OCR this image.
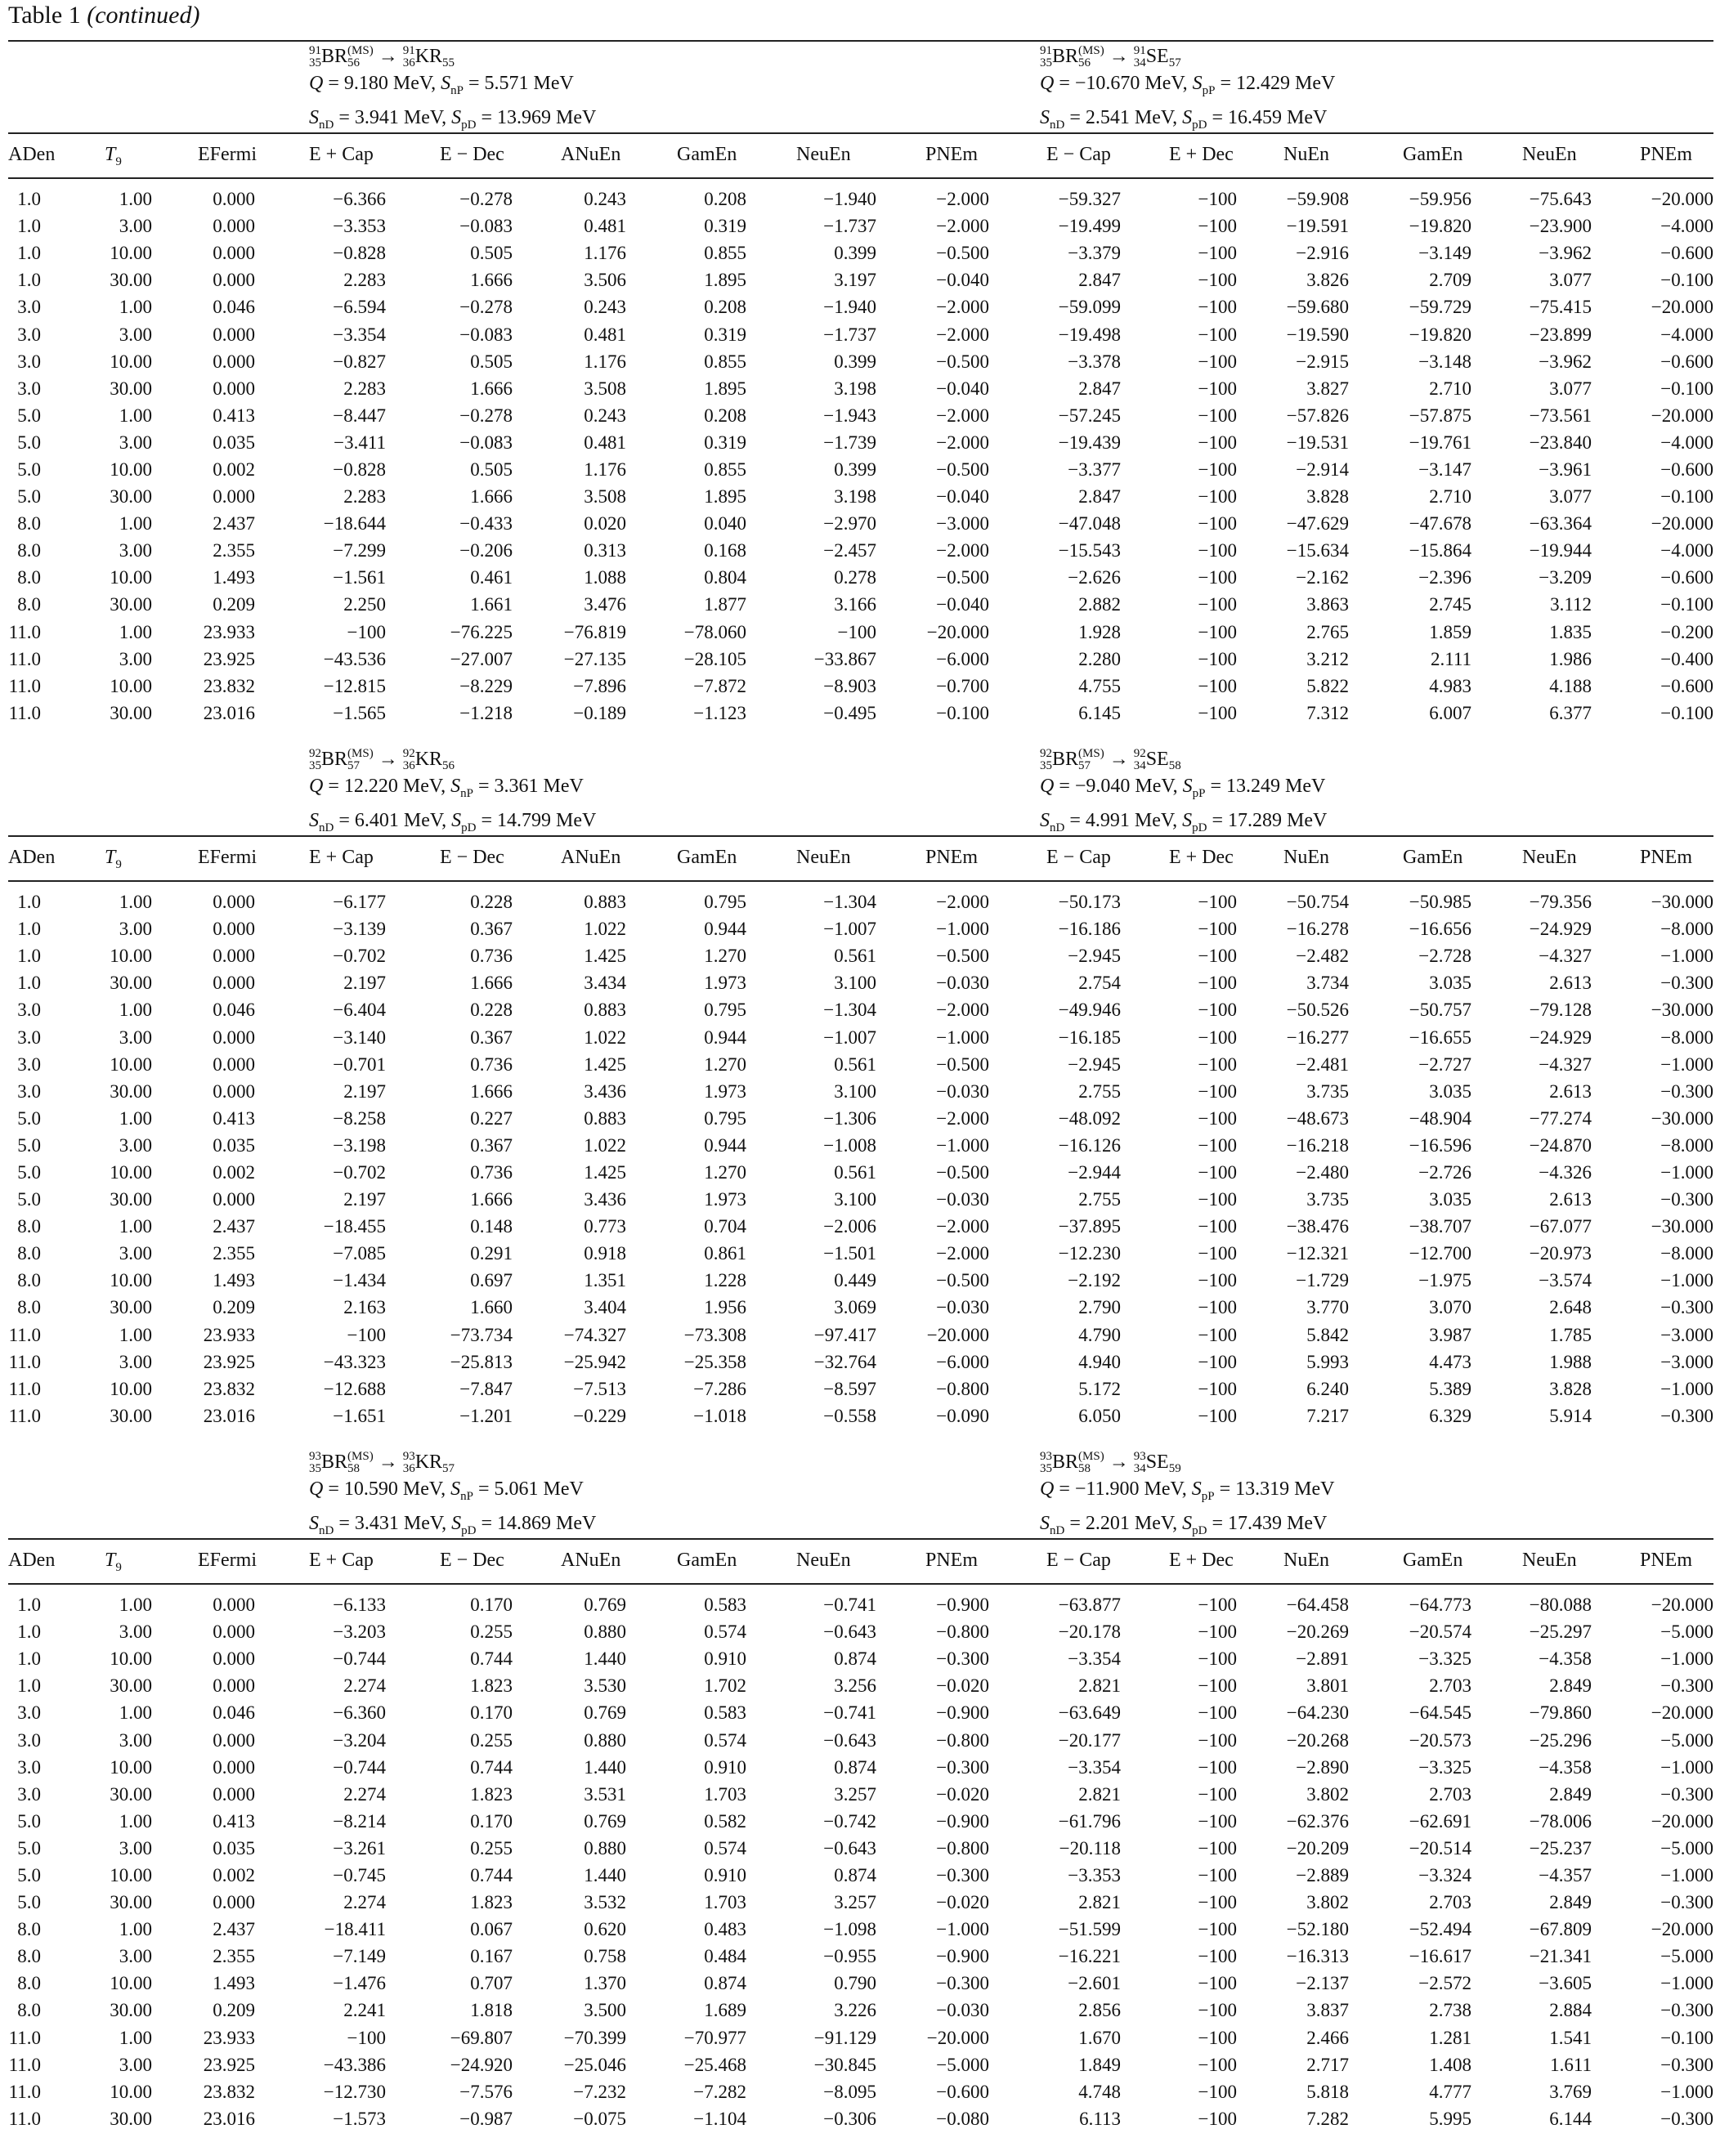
Table 1 (continued)
91
35 BR (MS)
56 → 91
36 KR 55
Q = 9.180 MeV, $S_{nP} = 5.571$ MeV
$S_{nD} = 3.941$ MeV, $S_{pD} = 13.969$ MeV
91
35 BR (MS)
56 → 91
34 SE 57
Q = −10.670 MeV, $S_{pP} = 12.429$ MeV
$S_{nD} = 2.541$ MeV, $S_{pD} = 16.459$ MeV
ADen	$T_9$	EFermi	E + Cap	E − Dec	ANuEn	GamEn	NeuEn	PNEm	E − Cap	E + Dec	NuEn	GamEn	NeuEn	PNEm
1.0	1.00	0.000	−6.366	−0.278	0.243	0.208	−1.940	−2.000	−59.327	−100	−59.908	−59.956	−75.643	−20.000
1.0	3.00	0.000	−3.353	−0.083	0.481	0.319	−1.737	−2.000	−19.499	−100	−19.591	−19.820	−23.900	−4.000
1.0	10.00	0.000	−0.828	0.505	1.176	0.855	0.399	−0.500	−3.379	−100	−2.916	−3.149	−3.962	−0.600
1.0	30.00	0.000	2.283	1.666	3.506	1.895	3.197	−0.040	2.847	−100	3.826	2.709	3.077	−0.100
3.0	1.00	0.046	−6.594	−0.278	0.243	0.208	−1.940	−2.000	−59.099	−100	−59.680	−59.729	−75.415	−20.000
3.0	3.00	0.000	−3.354	−0.083	0.481	0.319	−1.737	−2.000	−19.498	−100	−19.590	−19.820	−23.899	−4.000
3.0	10.00	0.000	−0.827	0.505	1.176	0.855	0.399	−0.500	−3.378	−100	−2.915	−3.148	−3.962	−0.600
3.0	30.00	0.000	2.283	1.666	3.508	1.895	3.198	−0.040	2.847	−100	3.827	2.710	3.077	−0.100
5.0	1.00	0.413	−8.447	−0.278	0.243	0.208	−1.943	−2.000	−57.245	−100	−57.826	−57.875	−73.561	−20.000
5.0	3.00	0.035	−3.411	−0.083	0.481	0.319	−1.739	−2.000	−19.439	−100	−19.531	−19.761	−23.840	−4.000
5.0	10.00	0.002	−0.828	0.505	1.176	0.855	0.399	−0.500	−3.377	−100	−2.914	−3.147	−3.961	−0.600
5.0	30.00	0.000	2.283	1.666	3.508	1.895	3.198	−0.040	2.847	−100	3.828	2.710	3.077	−0.100
8.0	1.00	2.437	−18.644	−0.433	0.020	0.040	−2.970	−3.000	−47.048	−100	−47.629	−47.678	−63.364	−20.000
8.0	3.00	2.355	−7.299	−0.206	0.313	0.168	−2.457	−2.000	−15.543	−100	−15.634	−15.864	−19.944	−4.000
8.0	10.00	1.493	−1.561	0.461	1.088	0.804	0.278	−0.500	−2.626	−100	−2.162	−2.396	−3.209	−0.600
8.0	30.00	0.209	2.250	1.661	3.476	1.877	3.166	−0.040	2.882	−100	3.863	2.745	3.112	−0.100
11.0	1.00	23.933	−100	−76.225	−76.819	−78.060	−100	−20.000	1.928	−100	2.765	1.859	1.835	−0.200
11.0	3.00	23.925	−43.536	−27.007	−27.135	−28.105	−33.867	−6.000	2.280	−100	3.212	2.111	1.986	−0.400
11.0	10.00	23.832	−12.815	−8.229	−7.896	−7.872	−8.903	−0.700	4.755	−100	5.822	4.983	4.188	−0.600
11.0	30.00	23.016	−1.565	−1.218	−0.189	−1.123	−0.495	−0.100	6.145	−100	7.312	6.007	6.377	−0.100
92
35 BR (MS)
57 → 92
36 KR 56
Q = 12.220 MeV, $S_{nP} = 3.361$ MeV
$S_{nD} = 6.401$ MeV, $S_{pD} = 14.799$ MeV
92
35 BR (MS)
57 → 92
34 SE 58
Q = −9.040 MeV, $S_{pP} = 13.249$ MeV
$S_{nD} = 4.991$ MeV, $S_{pD} = 17.289$ MeV
ADen	$T_9$	EFermi	E + Cap	E − Dec	ANuEn	GamEn	NeuEn	PNEm	E − Cap	E + Dec	NuEn	GamEn	NeuEn	PNEm
1.0	1.00	0.000	−6.177	0.228	0.883	0.795	−1.304	−2.000	−50.173	−100	−50.754	−50.985	−79.356	−30.000
1.0	3.00	0.000	−3.139	0.367	1.022	0.944	−1.007	−1.000	−16.186	−100	−16.278	−16.656	−24.929	−8.000
1.0	10.00	0.000	−0.702	0.736	1.425	1.270	0.561	−0.500	−2.945	−100	−2.482	−2.728	−4.327	−1.000
1.0	30.00	0.000	2.197	1.666	3.434	1.973	3.100	−0.030	2.754	−100	3.734	3.035	2.613	−0.300
3.0	1.00	0.046	−6.404	0.228	0.883	0.795	−1.304	−2.000	−49.946	−100	−50.526	−50.757	−79.128	−30.000
3.0	3.00	0.000	−3.140	0.367	1.022	0.944	−1.007	−1.000	−16.185	−100	−16.277	−16.655	−24.929	−8.000
3.0	10.00	0.000	−0.701	0.736	1.425	1.270	0.561	−0.500	−2.945	−100	−2.481	−2.727	−4.327	−1.000
3.0	30.00	0.000	2.197	1.666	3.436	1.973	3.100	−0.030	2.755	−100	3.735	3.035	2.613	−0.300
5.0	1.00	0.413	−8.258	0.227	0.883	0.795	−1.306	−2.000	−48.092	−100	−48.673	−48.904	−77.274	−30.000
5.0	3.00	0.035	−3.198	0.367	1.022	0.944	−1.008	−1.000	−16.126	−100	−16.218	−16.596	−24.870	−8.000
5.0	10.00	0.002	−0.702	0.736	1.425	1.270	0.561	−0.500	−2.944	−100	−2.480	−2.726	−4.326	−1.000
5.0	30.00	0.000	2.197	1.666	3.436	1.973	3.100	−0.030	2.755	−100	3.735	3.035	2.613	−0.300
8.0	1.00	2.437	−18.455	0.148	0.773	0.704	−2.006	−2.000	−37.895	−100	−38.476	−38.707	−67.077	−30.000
8.0	3.00	2.355	−7.085	0.291	0.918	0.861	−1.501	−2.000	−12.230	−100	−12.321	−12.700	−20.973	−8.000
8.0	10.00	1.493	−1.434	0.697	1.351	1.228	0.449	−0.500	−2.192	−100	−1.729	−1.975	−3.574	−1.000
8.0	30.00	0.209	2.163	1.660	3.404	1.956	3.069	−0.030	2.790	−100	3.770	3.070	2.648	−0.300
11.0	1.00	23.933	−100	−73.734	−74.327	−73.308	−97.417	−20.000	4.790	−100	5.842	3.987	1.785	−3.000
11.0	3.00	23.925	−43.323	−25.813	−25.942	−25.358	−32.764	−6.000	4.940	−100	5.993	4.473	1.988	−3.000
11.0	10.00	23.832	−12.688	−7.847	−7.513	−7.286	−8.597	−0.800	5.172	−100	6.240	5.389	3.828	−1.000
11.0	30.00	23.016	−1.651	−1.201	−0.229	−1.018	−0.558	−0.090	6.050	−100	7.217	6.329	5.914	−0.300
93
35 BR (MS)
58 → 93
36 KR 57
Q = 10.590 MeV, $S_{nP} = 5.061$ MeV
$S_{nD} = 3.431$ MeV, $S_{pD} = 14.869$ MeV
93
35 BR (MS)
58 → 93
34 SE 59
Q = −11.900 MeV, $S_{pP} = 13.319$ MeV
$S_{nD} = 2.201$ MeV, $S_{pD} = 17.439$ MeV
ADen	$T_9$	EFermi	E + Cap	E − Dec	ANuEn	GamEn	NeuEn	PNEm	E − Cap	E + Dec	NuEn	GamEn	NeuEn	PNEm
1.0	1.00	0.000	−6.133	0.170	0.769	0.583	−0.741	−0.900	−63.877	−100	−64.458	−64.773	−80.088	−20.000
1.0	3.00	0.000	−3.203	0.255	0.880	0.574	−0.643	−0.800	−20.178	−100	−20.269	−20.574	−25.297	−5.000
1.0	10.00	0.000	−0.744	0.744	1.440	0.910	0.874	−0.300	−3.354	−100	−2.891	−3.325	−4.358	−1.000
1.0	30.00	0.000	2.274	1.823	3.530	1.702	3.256	−0.020	2.821	−100	3.801	2.703	2.849	−0.300
3.0	1.00	0.046	−6.360	0.170	0.769	0.583	−0.741	−0.900	−63.649	−100	−64.230	−64.545	−79.860	−20.000
3.0	3.00	0.000	−3.204	0.255	0.880	0.574	−0.643	−0.800	−20.177	−100	−20.268	−20.573	−25.296	−5.000
3.0	10.00	0.000	−0.744	0.744	1.440	0.910	0.874	−0.300	−3.354	−100	−2.890	−3.325	−4.358	−1.000
3.0	30.00	0.000	2.274	1.823	3.531	1.703	3.257	−0.020	2.821	−100	3.802	2.703	2.849	−0.300
5.0	1.00	0.413	−8.214	0.170	0.769	0.582	−0.742	−0.900	−61.796	−100	−62.376	−62.691	−78.006	−20.000
5.0	3.00	0.035	−3.261	0.255	0.880	0.574	−0.643	−0.800	−20.118	−100	−20.209	−20.514	−25.237	−5.000
5.0	10.00	0.002	−0.745	0.744	1.440	0.910	0.874	−0.300	−3.353	−100	−2.889	−3.324	−4.357	−1.000
5.0	30.00	0.000	2.274	1.823	3.532	1.703	3.257	−0.020	2.821	−100	3.802	2.703	2.849	−0.300
8.0	1.00	2.437	−18.411	0.067	0.620	0.483	−1.098	−1.000	−51.599	−100	−52.180	−52.494	−67.809	−20.000
8.0	3.00	2.355	−7.149	0.167	0.758	0.484	−0.955	−0.900	−16.221	−100	−16.313	−16.617	−21.341	−5.000
8.0	10.00	1.493	−1.476	0.707	1.370	0.874	0.790	−0.300	−2.601	−100	−2.137	−2.572	−3.605	−1.000
8.0	30.00	0.209	2.241	1.818	3.500	1.689	3.226	−0.030	2.856	−100	3.837	2.738	2.884	−0.300
11.0	1.00	23.933	−100	−69.807	−70.399	−70.977	−91.129	−20.000	1.670	−100	2.466	1.281	1.541	−0.100
11.0	3.00	23.925	−43.386	−24.920	−25.046	−25.468	−30.845	−5.000	1.849	−100	2.717	1.408	1.611	−0.300
11.0	10.00	23.832	−12.730	−7.576	−7.232	−7.282	−8.095	−0.600	4.748	−100	5.818	4.777	3.769	−1.000
11.0	30.00	23.016	−1.573	−0.987	−0.075	−1.104	−0.306	−0.080	6.113	−100	7.282	5.995	6.144	−0.300
